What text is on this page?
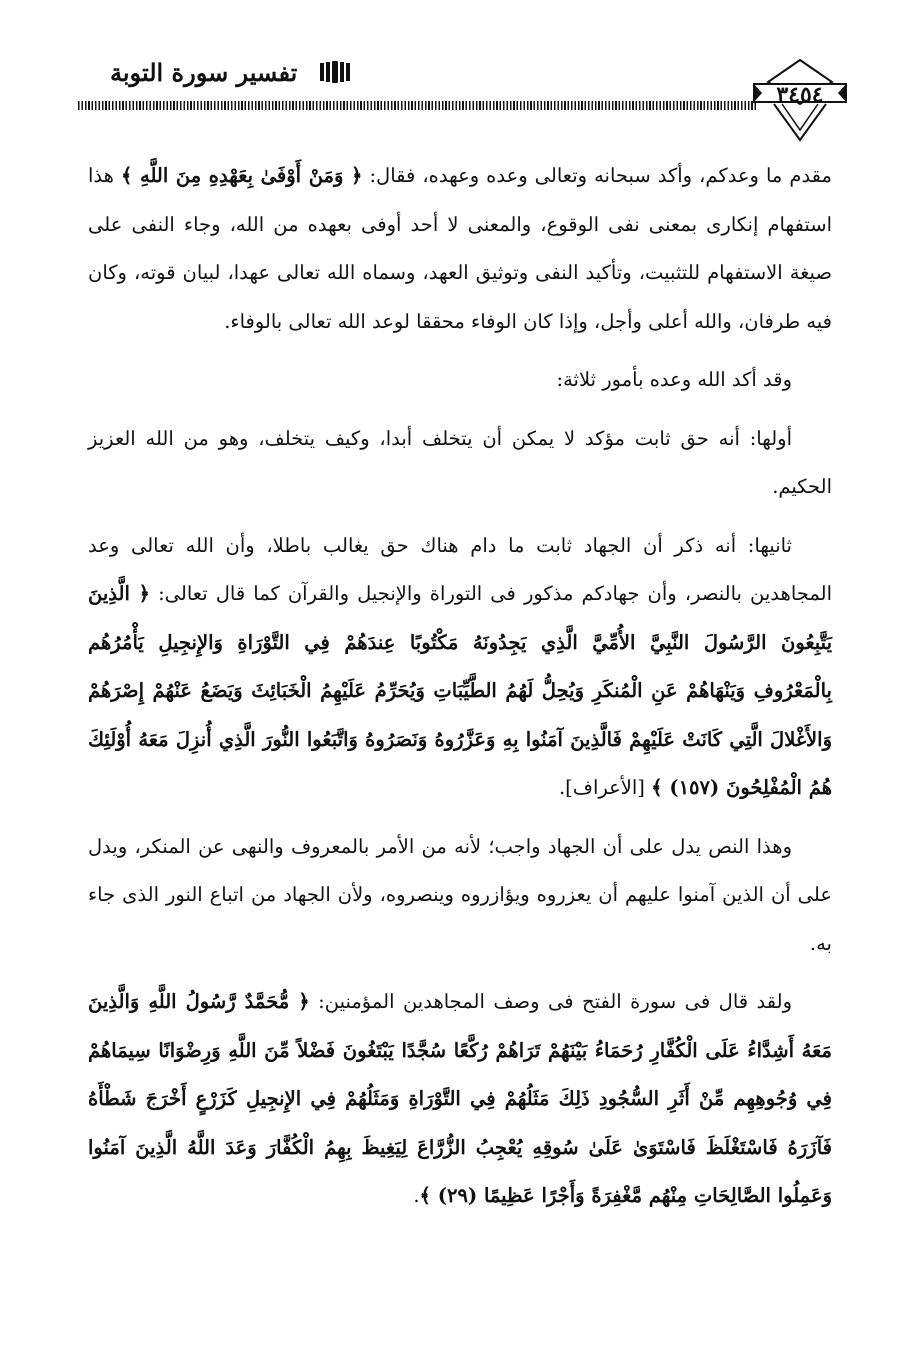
تفسير سورة التوبة
٣٤٥٤

مقدم ما وعدكم، وأكد سبحانه وتعالى وعده وعهده، فقال: ﴿ وَمَنْ أَوْفَىٰ بِعَهْدِهِ مِنَ اللَّهِ ﴾ هذا استفهام إنكارى بمعنى نفى الوقوع، والمعنى لا أحد أوفى بعهده من الله، وجاء النفى على صيغة الاستفهام للتثبيت، وتأكيد النفى وتوثيق العهد، وسماه الله تعالى عهدا، لبيان قوته، وكان فيه طرفان، والله أعلى وأجل، وإذا كان الوفاء محققا لوعد الله تعالى بالوفاء.

وقد أكد الله وعده بأمور ثلاثة:

أولها: أنه حق ثابت مؤكد لا يمكن أن يتخلف أبدا، وكيف يتخلف، وهو من الله العزيز الحكيم.

ثانيها: أنه ذكر أن الجهاد ثابت ما دام هناك حق يغالب باطلا، وأن الله تعالى وعد المجاهدين بالنصر، وأن جهادكم مذكور فى التوراة والإنجيل والقرآن كما قال تعالى: ﴿ الَّذِينَ يَتَّبِعُونَ الرَّسُولَ النَّبِيَّ الأُمِّيَّ الَّذِي يَجِدُونَهُ مَكْتُوبًا عِندَهُمْ فِي التَّوْرَاةِ وَالإِنجِيلِ يَأْمُرُهُم بِالْمَعْرُوفِ وَيَنْهَاهُمْ عَنِ الْمُنكَرِ وَيُحِلُّ لَهُمُ الطَّيِّبَاتِ وَيُحَرِّمُ عَلَيْهِمُ الْخَبَائِثَ وَيَضَعُ عَنْهُمْ إِصْرَهُمْ وَالأَغْلالَ الَّتِي كَانَتْ عَلَيْهِمْ فَالَّذِينَ آمَنُوا بِهِ وَعَزَّرُوهُ وَنَصَرُوهُ وَاتَّبَعُوا النُّورَ الَّذِي أُنزِلَ مَعَهُ أُوْلَئِكَ هُمُ الْمُفْلِحُونَ (١٥٧) ﴾ [الأعراف].

وهذا النص يدل على أن الجهاد واجب؛ لأنه من الأمر بالمعروف والنهى عن المنكر، ويدل على أن الذين آمنوا عليهم أن يعزروه ويؤازروه وينصروه، ولأن الجهاد من اتباع النور الذى جاء به.

ولقد قال فى سورة الفتح فى وصف المجاهدين المؤمنين: ﴿ مُّحَمَّدٌ رَّسُولُ اللَّهِ وَالَّذِينَ مَعَهُ أَشِدَّاءُ عَلَى الْكُفَّارِ رُحَمَاءُ بَيْنَهُمْ تَرَاهُمْ رُكَّعًا سُجَّدًا يَبْتَغُونَ فَضْلاً مِّنَ اللَّهِ وَرِضْوَانًا سِيمَاهُمْ فِي وُجُوهِهِم مِّنْ أَثَرِ السُّجُودِ ذَلِكَ مَثَلُهُمْ فِي التَّوْرَاةِ وَمَثَلُهُمْ فِي الإِنجِيلِ كَزَرْعٍ أَخْرَجَ شَطْأَهُ فَآزَرَهُ فَاسْتَغْلَظَ فَاسْتَوَىٰ عَلَىٰ سُوقِهِ يُعْجِبُ الزُّرَّاعَ لِيَغِيظَ بِهِمُ الْكُفَّارَ وَعَدَ اللَّهُ الَّذِينَ آمَنُوا وَعَمِلُوا الصَّالِحَاتِ مِنْهُم مَّغْفِرَةً وَأَجْرًا عَظِيمًا (٢٩) ﴾.
